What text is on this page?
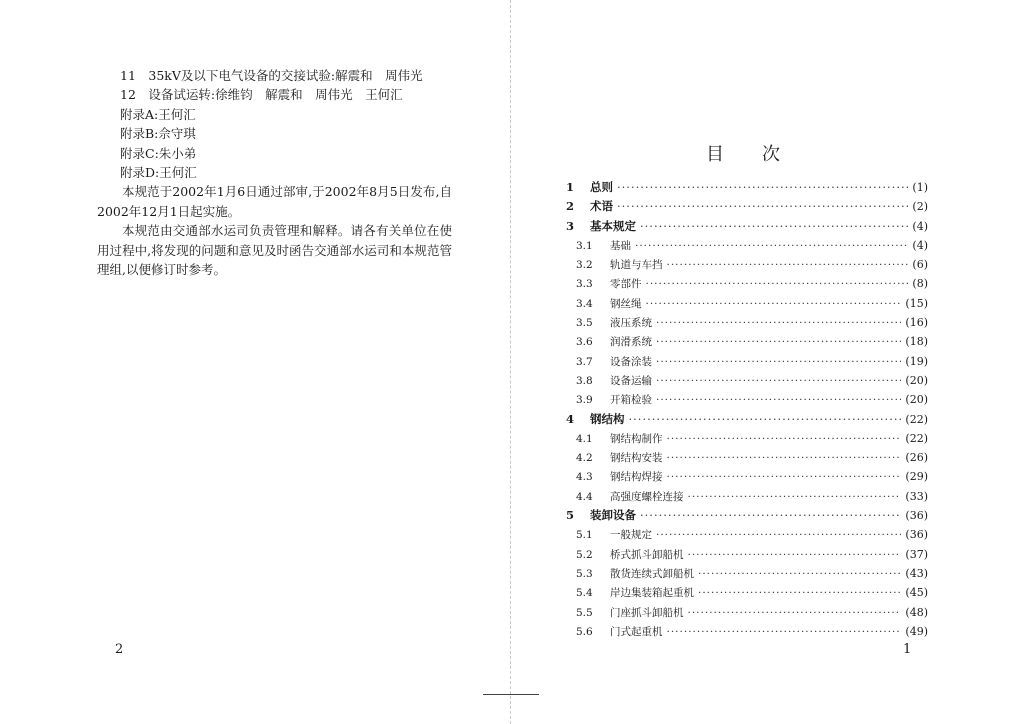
11　35kV及以下电气设备的交接试验:解震和　周伟光
12　设备试运转:徐维钧　解震和　周伟光　王何汇
附录A:王何汇
附录B:佘守琪
附录C:朱小弟
附录D:王何汇

本规范于2002年1月6日通过部审,于2002年8月5日发布,自2002年12月1日起实施。

本规范由交通部水运司负责管理和解释。请各有关单位在使用过程中,将发现的问题和意见及时函告交通部水运司和本规范管理组,以便修订时参考。

2
目次
1	总则 ·····	(1)
2	术语 ·····	(2)
3	基本规定 ·····	(4)
3.1	基础 ·····	(4)
3.2	轨道与车挡 ·····	(6)
3.3	零部件 ·····	(8)
3.4	钢丝绳 ·····	(15)
3.5	液压系统 ·····	(16)
3.6	润滑系统 ·····	(18)
3.7	设备涂装 ·····	(19)
3.8	设备运输 ·····	(20)
3.9	开箱检验 ·····	(20)
4	钢结构 ·····	(22)
4.1	钢结构制作 ·····	(22)
4.2	钢结构安装 ·····	(26)
4.3	钢结构焊接 ·····	(29)
4.4	高强度螺栓连接 ·····	(33)
5	装卸设备 ·····	(36)
5.1	一般规定 ·····	(36)
5.2	桥式抓斗卸船机 ·····	(37)
5.3	散货连续式卸船机 ·····	(43)
5.4	岸边集装箱起重机 ·····	(45)
5.5	门座抓斗卸船机 ·····	(48)
5.6	门式起重机 ·····	(49)
1
